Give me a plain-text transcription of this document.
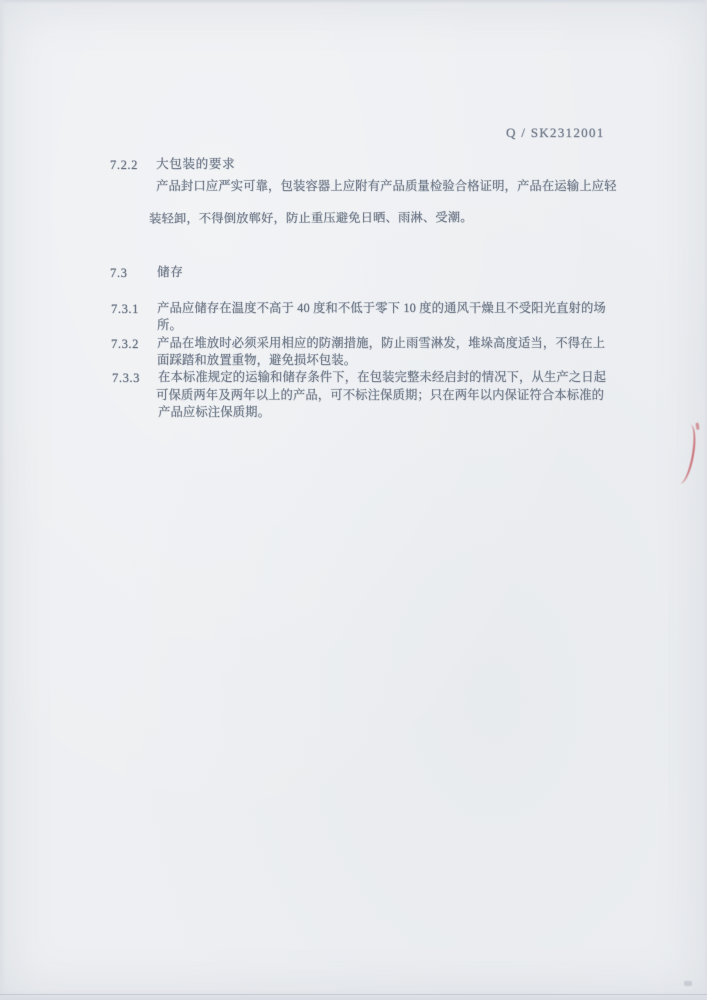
Q / SK2312001
7.2.2 大包装的要求
产品封口应严实可靠，包装容器上应附有产品质量检验合格证明，产品在运输上应轻
装轻卸，不得倒放郸好，防止重压避免日晒、雨淋、受潮。
7.3 储存
7.3.1 产品应储存在温度不高于 40 度和不低于零下 10 度的通风干燥且不受阳光直射的场
所。
7.3.2 产品在堆放时必须采用相应的防潮措施，防止雨雪淋发，堆垛高度适当，不得在上
面踩踏和放置重物，避免损坏包装。
7.3.3 在本标准规定的运输和储存条件下，在包装完整未经启封的情况下，从生产之日起
可保质两年及两年以上的产品，可不标注保质期；只在两年以内保证符合本标准的
产品应标注保质期。
